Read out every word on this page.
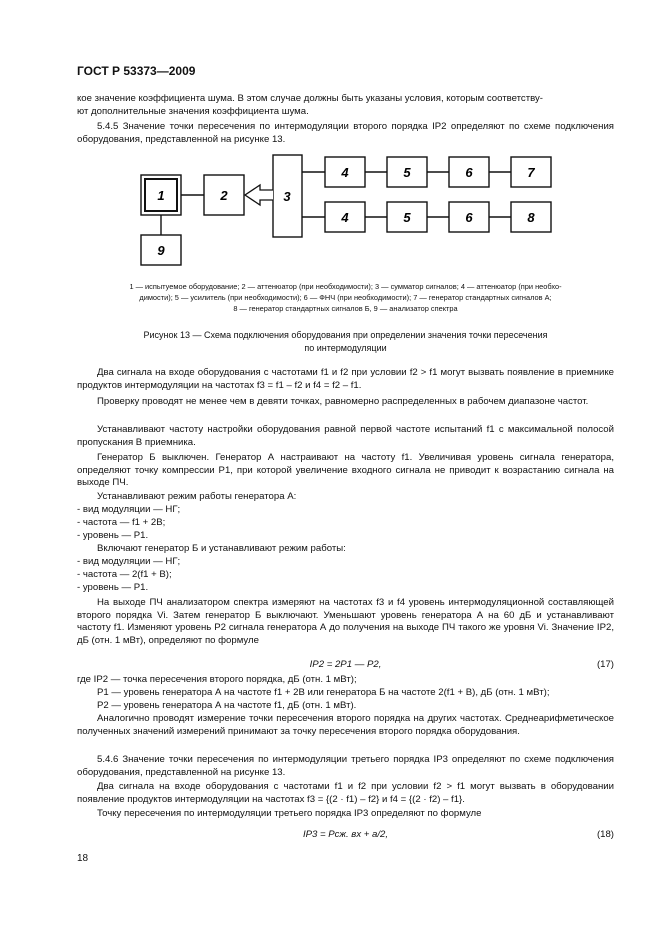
ГОСТ Р 53373—2009

кое значение коэффициента шума. В этом случае должны быть указаны условия, которым соответству-

ют дополнительные значения коэффициента шума.

5.4.5 Значение точки пересечения по интермодуляции второго порядка IP2 определяют по схеме подключения оборудования, представленной на рисунке 13.

1	2	3
4	5	6	7
4	5	6	8
9

1 — испытуемое оборудование; 2 — аттенюатор (при необходимости); 3 — сумматор сигналов; 4 — аттенюатор (при необхо-

димости); 5 — усилитель (при необходимости); 6 — ФНЧ (при необходимости); 7 — генератор стандартных сигналов А;

8 — генератор стандартных сигналов Б, 9 — анализатор спектра

Рисунок 13 — Схема подключения оборудования при определении значения точки пересечения

по интермодуляции

Два сигнала на входе оборудования с частотами f1 и f2 при условии f2 > f1 могут вызвать появление в приемнике продуктов интермодуляции на частотах f3 = f1 – f2 и f4 = f2 – f1.

Проверку проводят не менее чем в девяти точках, равномерно распределенных в рабочем диапазоне частот.

Устанавливают частоту настройки оборудования равной первой частоте испытаний f1 с максимальной полосой пропускания В приемника.

Генератор Б выключен. Генератор А настраивают на частоту f1. Увеличивая уровень сигнала генератора, определяют точку компрессии P1, при которой увеличение входного сигнала не приводит к возрастанию сигнала на выходе ПЧ.

Устанавливают режим работы генератора А:

- вид модуляции — НГ;

- частота — f1 + 2B;

- уровень — P1.

Включают генератор Б и устанавливают режим работы:

- вид модуляции — НГ;

- частота — 2(f1 + B);

- уровень — P1.

На выходе ПЧ анализатором спектра измеряют на частотах f3 и f4 уровень интермодуляционной составляющей второго порядка Vi. Затем генератор Б выключают. Уменьшают уровень генератора А на 60 дБ и устанавливают частоту f1. Изменяют уровень P2 сигнала генератора А до получения на выходе ПЧ такого же уровня Vi. Значение IP2, дБ (отн. 1 мВт), определяют по формуле

IP2 = 2P1 — P2,	(17)

где IP2 — точка пересечения второго порядка, дБ (отн. 1 мВт);

P1 — уровень генератора А на частоте f1 + 2B или генератора Б на частоте 2(f1 + B), дБ (отн. 1 мВт);

P2 — уровень генератора А на частоте f1, дБ (отн. 1 мВт).

Аналогично проводят измерение точки пересечения второго порядка на других частотах. Среднеарифметическое полученных значений измерений принимают за точку пересечения второго порядка оборудования.

5.4.6 Значение точки пересечения по интермодуляции третьего порядка IP3 определяют по схеме подключения оборудования, представленной на рисунке 13.

Два сигнала на входе оборудования с частотами f1 и f2 при условии f2 > f1 могут вызвать в оборудовании появление продуктов интермодуляции на частотах f3 = {(2 · f1) – f2} и f4 = {(2 · f2) – f1}.

Точку пересечения по интермодуляции третьего порядка IP3 определяют по формуле

IP3 = Pсж. вх + a/2,	(18)
18
